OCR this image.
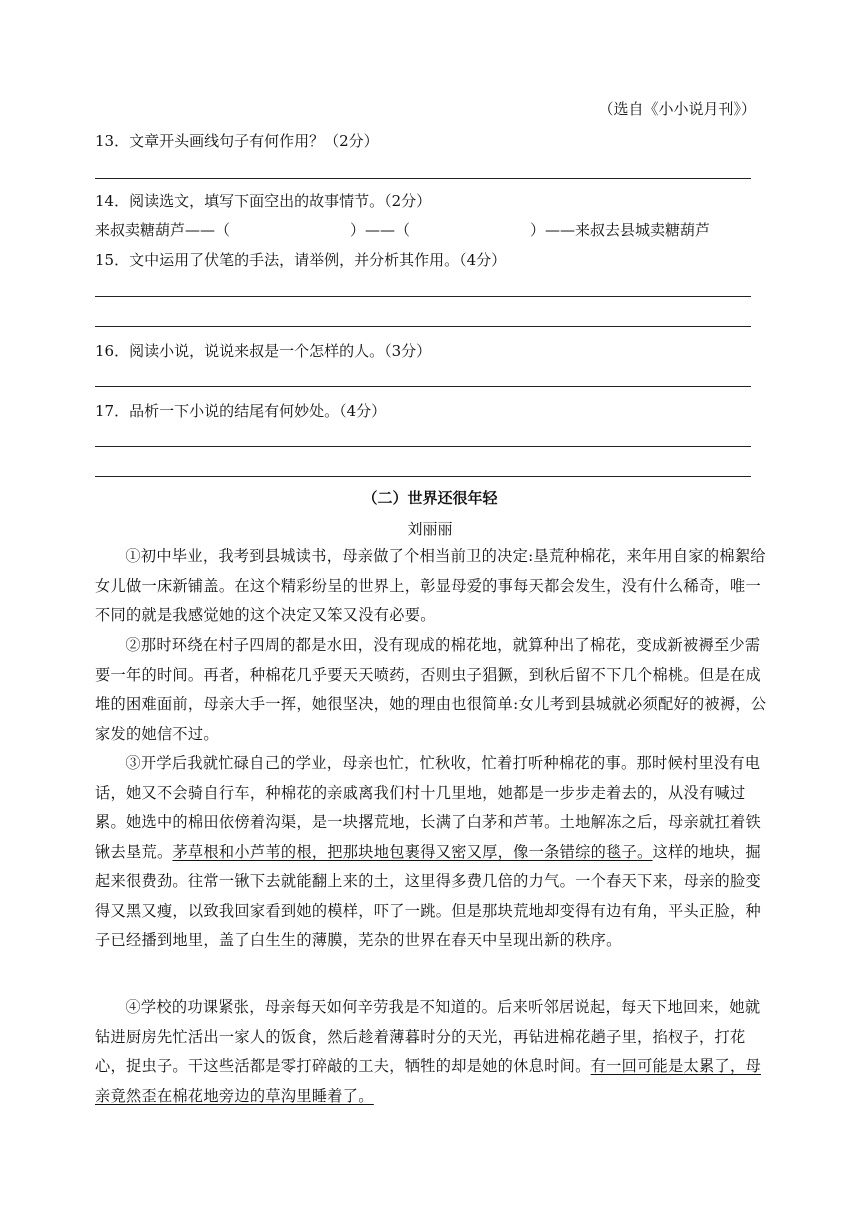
（选自《小小说月刊》）
13．文章开头画线句子有何作用？（2分）
14．阅读选文，填写下面空出的故事情节。（2分）
来叔卖糖葫芦——（	）——（	）——来叔去县城卖糖葫芦
15．文中运用了伏笔的手法，请举例，并分析其作用。（4分）
16．阅读小说，说说来叔是一个怎样的人。（3分）
17．品析一下小说的结尾有何妙处。（4分）
（二）世界还很年轻
刘丽丽
①初中毕业，我考到县城读书，母亲做了个相当前卫的决定:垦荒种棉花，来年用自家的棉絮给女儿做一床新铺盖。在这个精彩纷呈的世界上，彰显母爱的事每天都会发生，没有什么稀奇，唯一不同的就是我感觉她的这个决定又笨又没有必要。
②那时环绕在村子四周的都是水田，没有现成的棉花地，就算种出了棉花，变成新被褥至少需要一年的时间。再者，种棉花几乎要天天喷药，否则虫子猖獗，到秋后留不下几个棉桃。但是在成堆的困难面前，母亲大手一挥，她很坚决，她的理由也很简单:女儿考到县城就必须配好的被褥，公家发的她信不过。
③开学后我就忙碌自己的学业，母亲也忙，忙秋收，忙着打听种棉花的事。那时候村里没有电话，她又不会骑自行车，种棉花的亲戚离我们村十几里地，她都是一步步走着去的，从没有喊过累。她选中的棉田依傍着沟渠，是一块撂荒地，长满了白茅和芦苇。土地解冻之后，母亲就扛着铁锹去垦荒。茅草根和小芦苇的根，把那块地包裹得又密又厚，像一条错综的毯子。这样的地块，掘起来很费劲。往常一锹下去就能翻上来的土，这里得多费几倍的力气。一个春天下来，母亲的脸变得又黑又瘦，以致我回家看到她的模样，吓了一跳。但是那块荒地却变得有边有角，平头正脸，种子已经播到地里，盖了白生生的薄膜，芜杂的世界在春天中呈现出新的秩序。
④学校的功课紧张，母亲每天如何辛劳我是不知道的。后来听邻居说起，每天下地回来，她就钻进厨房先忙活出一家人的饭食，然后趁着薄暮时分的天光，再钻进棉花趟子里，掐杈子，打花心，捉虫子。干这些活都是零打碎敲的工夫，牺牲的却是她的休息时间。有一回可能是太累了，母亲竟然歪在棉花地旁边的草沟里睡着了。
